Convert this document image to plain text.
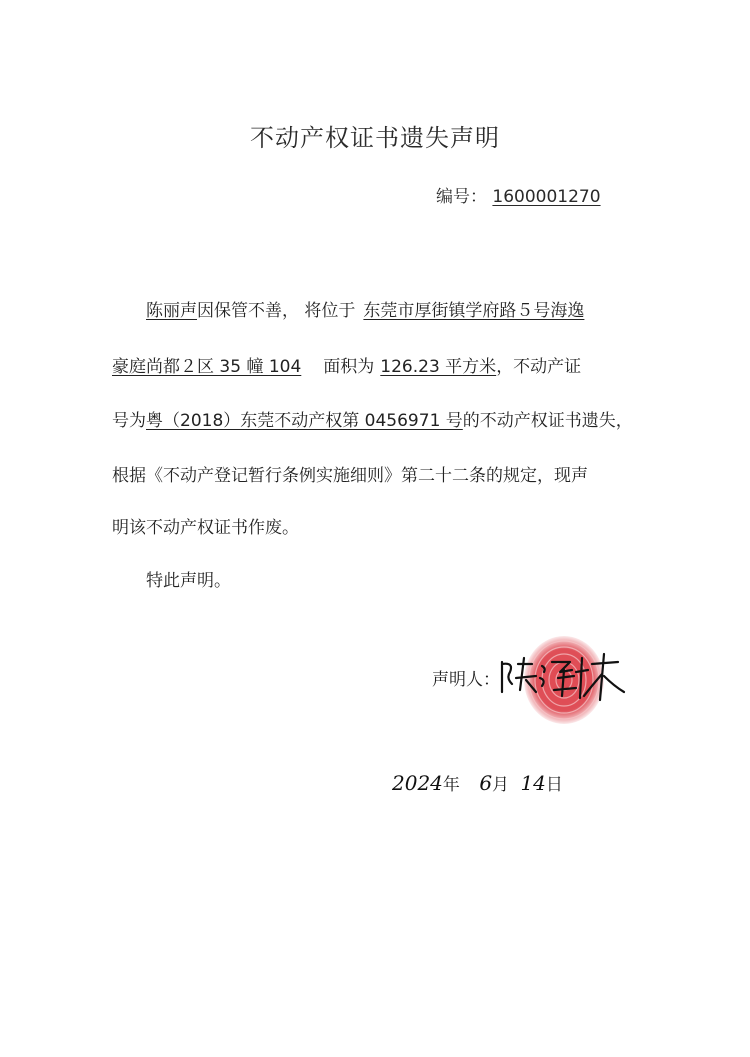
不动产权证书遗失声明
编号： 1600001270
陈丽声因保管不善， 将位于 东莞市厚街镇学府路５号海逸
豪庭尚都２区 35 幢 104 面积为 126.23 平方米，不动产证
号为粤（2018）东莞不动产权第 0456971 号的不动产权证书遗失，
根据《不动产登记暂行条例实施细则》第二十二条的规定，现声
明该不动产权证书作废。
特此声明。
声明人：
2024年 6月 14日
